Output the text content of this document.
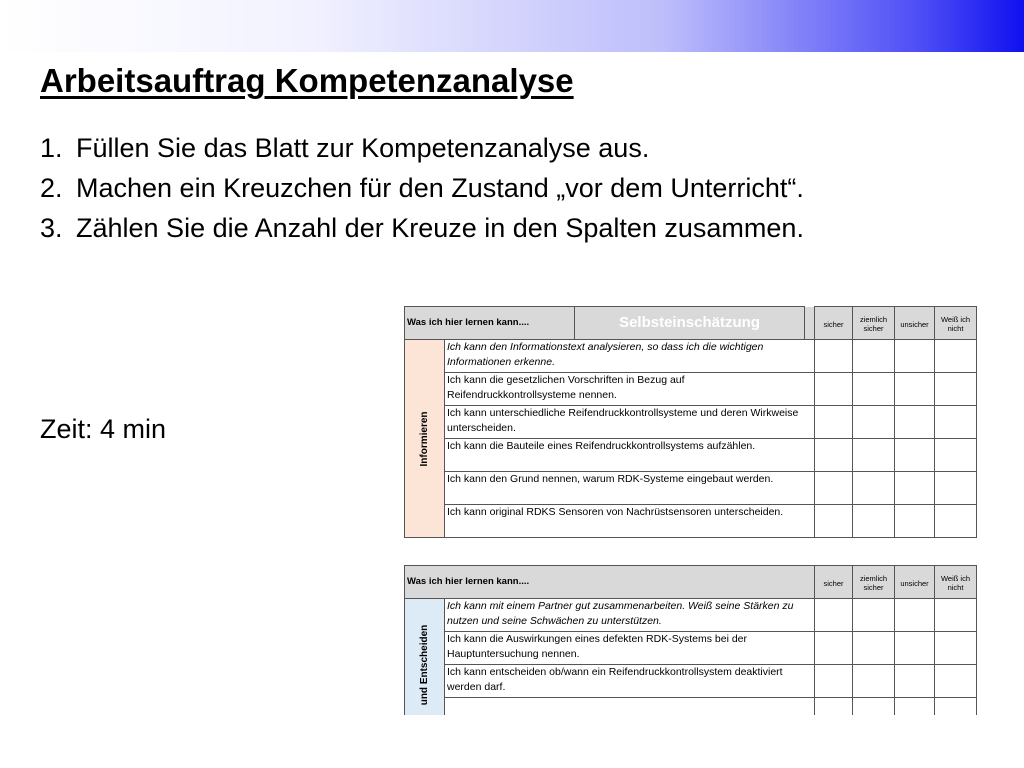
Arbeitsauftrag Kompetenzanalyse
1. Füllen Sie das Blatt zur Kompetenzanalyse aus.
2. Machen ein Kreuzchen für den Zustand „vor dem Unterricht“.
3. Zählen Sie die Anzahl der Kreuze in den Spalten zusammen.
Zeit: 4 min
Was ich hier lernen kann....		Selbsteinschätzung		sicher	ziemlich sicher	unsicher	Weiß ich nicht

Informieren	Ich kann den Informationstext analysieren, so dass ich die wichtigen Informationen erkenne.						
	Ich kann die gesetzlichen Vorschriften in Bezug auf Reifendruckkontrollsysteme nennen.						
	Ich kann unterschiedliche Reifendruckkontrollsysteme und deren Wirkweise unterscheiden.						
	Ich kann die Bauteile eines Reifendruckkontrollsystems aufzählen.						
	Ich kann den Grund nennen, warum RDK-Systeme eingebaut werden.						
	Ich kann original RDKS Sensoren von Nachrüstsensoren unterscheiden.						
Was ich hier lernen kann....		sicher	ziemlich sicher	unsicher	Weiß ich nicht

und Entscheiden	Ich kann mit einem Partner gut zusammenarbeiten. Weiß seine Stärken zu nutzen und seine Schwächen zu unterstützen.				
	Ich kann die Auswirkungen eines defekten RDK-Systems bei der Hauptuntersuchung nennen.				
	Ich kann entscheiden ob/wann ein Reifendruckkontrollsystem deaktiviert werden darf.				
